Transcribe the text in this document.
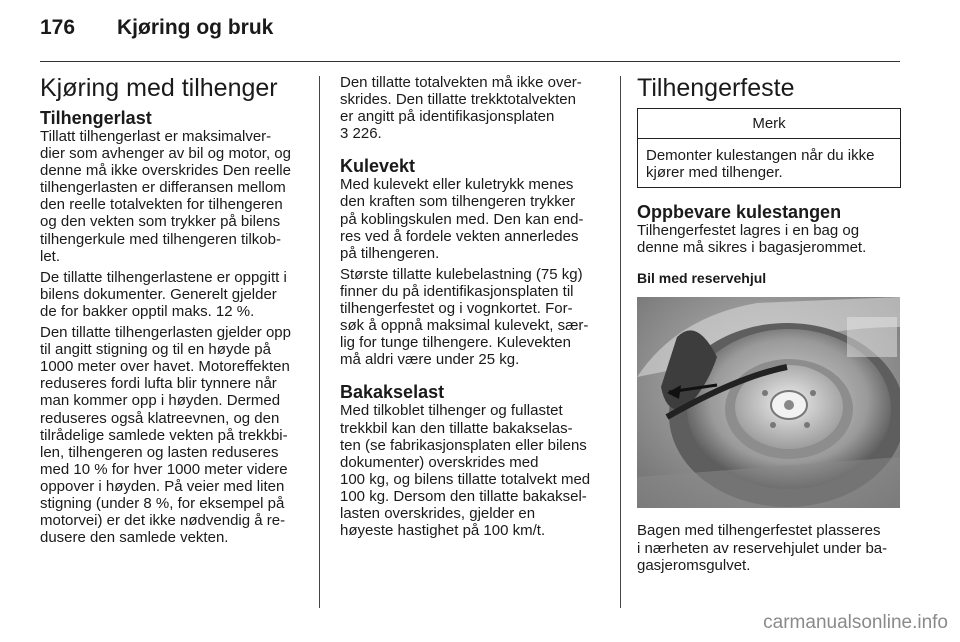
176 Kjøring og bruk
Kjøring med tilhenger
Tilhengerlast

Tillatt tilhengerlast er maksimalver-
dier som avhenger av bil og motor, og
denne må ikke overskrides Den reelle
tilhengerlasten er differansen mellom
den reelle totalvekten for tilhengeren
og den vekten som trykker på bilens
tilhengerkule med tilhengeren tilkob-
let.

De tillatte tilhengerlastene er oppgitt i
bilens dokumenter. Generelt gjelder
de for bakker opptil maks. 12 %.

Den tillatte tilhengerlasten gjelder opp
til angitt stigning og til en høyde på
1000 meter over havet. Motoreffekten
reduseres fordi lufta blir tynnere når
man kommer opp i høyden. Dermed
reduseres også klatreevnen, og den
tilrådelige samlede vekten på trekkbi-
len, tilhengeren og lasten reduseres
med 10 % for hver 1000 meter videre
oppover i høyden. På veier med liten
stigning (under 8 %, for eksempel på
motorvei) er det ikke nødvendig å re-
dusere den samlede vekten.

Den tillatte totalvekten må ikke over-
skrides. Den tillatte trekktotalvekten
er angitt på identifikasjonsplaten

3 226.

Kulevekt

Med kulevekt eller kuletrykk menes
den kraften som tilhengeren trykker
på koblingskulen med. Den kan end-
res ved å fordele vekten annerledes
på tilhengeren.

Største tillatte kulebelastning (75 kg)
finner du på identifikasjonsplaten til
tilhengerfestet og i vognkortet. For-
søk å oppnå maksimal kulevekt, sær-
lig for tunge tilhengere. Kulevekten
må aldri være under 25 kg.

Bakakselast

Med tilkoblet tilhenger og fullastet
trekkbil kan den tillatte bakakselas-
ten (se fabrikasjonsplaten eller bilens
dokumenter) overskrides med
100 kg, og bilens tillatte totalvekt med
100 kg. Dersom den tillatte bakaksel-
lasten overskrides, gjelder en
høyeste hastighet på 100 km/t.

Tilhengerfeste
Merk
Demonter kulestangen når du ikke
kjører med tilhenger.
Oppbevare kulestangen

Tilhengerfestet lagres i en bag og
denne må sikres i bagasjerommet.

Bil med reservehjul

Bagen med tilhengerfestet plasseres
i nærheten av reservehjulet under ba-
gasjeromsgulvet.

carmanualsonline.info
